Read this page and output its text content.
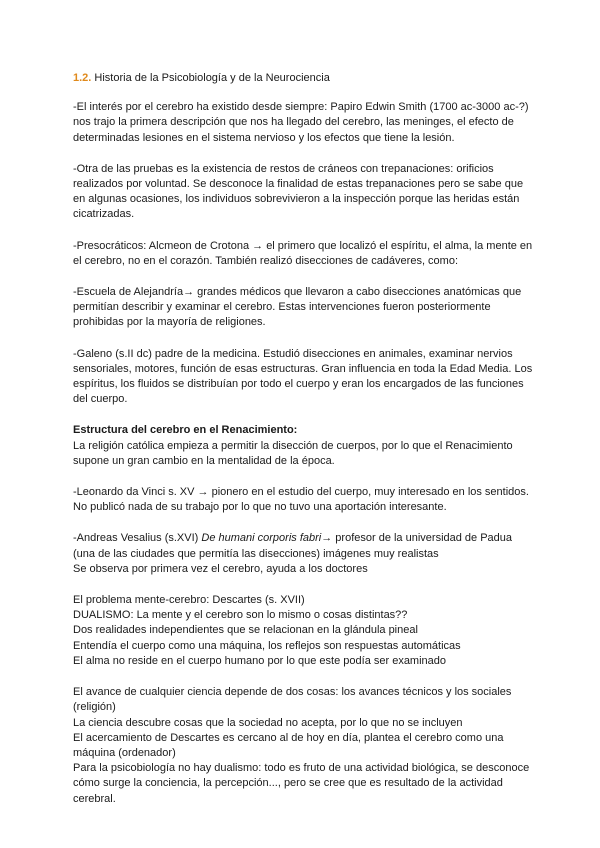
1.2. Historia de la Psicobiología y de la Neurociencia

-El interés por el cerebro ha existido desde siempre: Papiro Edwin Smith (1700 ac-3000 ac-?) nos trajo la primera descripción que nos ha llegado del cerebro, las meninges, el efecto de determinadas lesiones en el sistema nervioso y los efectos que tiene la lesión.

-Otra de las pruebas es la existencia de restos de cráneos con trepanaciones: orificios realizados por voluntad. Se desconoce la finalidad de estas trepanaciones pero se sabe que en algunas ocasiones, los individuos sobrevivieron a la inspección porque las heridas están cicatrizadas.

-Presocráticos: Alcmeon de Crotona → el primero que localizó el espíritu, el alma, la mente en el cerebro, no en el corazón. También realizó disecciones de cadáveres, como:

-Escuela de Alejandría→ grandes médicos que llevaron a cabo disecciones anatómicas que permitían describir y examinar el cerebro. Estas intervenciones fueron posteriormente prohibidas por la mayoría de religiones.

-Galeno (s.II dc) padre de la medicina. Estudió disecciones en animales, examinar nervios sensoriales, motores, función de esas estructuras. Gran influencia en toda la Edad Media. Los espíritus, los fluidos se distribuían por todo el cuerpo y eran los encargados de las funciones del cuerpo.

Estructura del cerebro en el Renacimiento:
La religión católica empieza a permitir la disección de cuerpos, por lo que el Renacimiento supone un gran cambio en la mentalidad de la época.

-Leonardo da Vinci s. XV → pionero en el estudio del cuerpo, muy interesado en los sentidos. No publicó nada de su trabajo por lo que no tuvo una aportación interesante.

-Andreas Vesalius (s.XVI) De humani corporis fabri→ profesor de la universidad de Padua (una de las ciudades que permitía las disecciones) imágenes muy realistas
Se observa por primera vez el cerebro, ayuda a los doctores
El problema mente-cerebro: Descartes (s. XVII)
DUALISMO: La mente y el cerebro son lo mismo o cosas distintas??
Dos realidades independientes que se relacionan en la glándula pineal
Entendía el cuerpo como una máquina, los reflejos son respuestas automáticas
El alma no reside en el cuerpo humano por lo que este podía ser examinado
El avance de cualquier ciencia depende de dos cosas: los avances técnicos y los sociales (religión)
La ciencia descubre cosas que la sociedad no acepta, por lo que no se incluyen
El acercamiento de Descartes es cercano al de hoy en día, plantea el cerebro como una máquina (ordenador)
Para la psicobiología no hay dualismo: todo es fruto de una actividad biológica, se desconoce cómo surge la conciencia, la percepción..., pero se cree que es resultado de la actividad cerebral.
